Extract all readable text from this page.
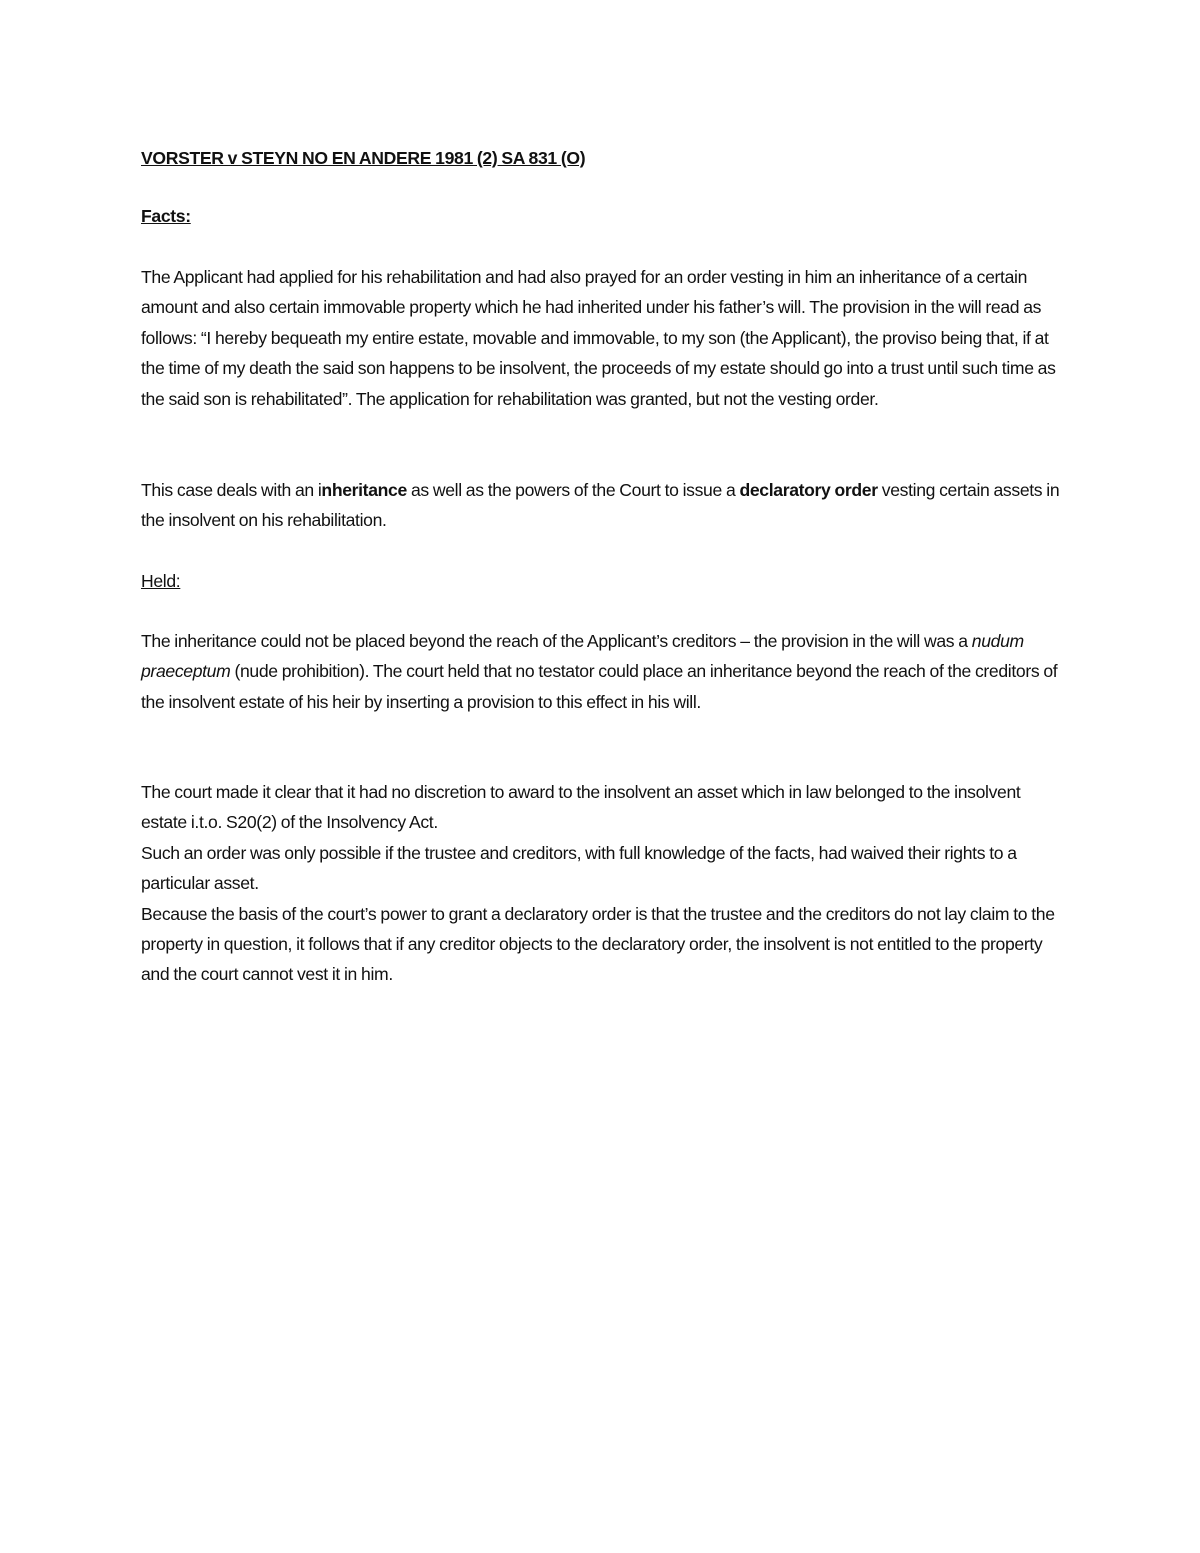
VORSTER v STEYN NO EN ANDERE 1981 (2) SA 831 (O)
Facts:

The Applicant had applied for his rehabilitation and had also prayed for an order vesting in him an inheritance of a certain amount and also certain immovable property which he had inherited under his father’s will. The provision in the will read as follows: “I hereby bequeath my entire estate, movable and immovable, to my son (the Applicant), the proviso being that, if at the time of my death the said son happens to be insolvent, the proceeds of my estate should go into a trust until such time as the said son is rehabilitated”. The application for rehabilitation was granted, but not the vesting order.

This case deals with an inheritance as well as the powers of the Court to issue a declaratory order vesting certain assets in the insolvent on his rehabilitation.

Held:

The inheritance could not be placed beyond the reach of the Applicant’s creditors – the provision in the will was a nudum praeceptum (nude prohibition). The court held that no testator could place an inheritance beyond the reach of the creditors of the insolvent estate of his heir by inserting a provision to this effect in his will.

The court made it clear that it had no discretion to award to the insolvent an asset which in law belonged to the insolvent estate i.t.o. S20(2) of the Insolvency Act.

Such an order was only possible if the trustee and creditors, with full knowledge of the facts, had waived their rights to a particular asset.

Because the basis of the court’s power to grant a declaratory order is that the trustee and the creditors do not lay claim to the property in question, it follows that if any creditor objects to the declaratory order, the insolvent is not entitled to the property and the court cannot vest it in him.
